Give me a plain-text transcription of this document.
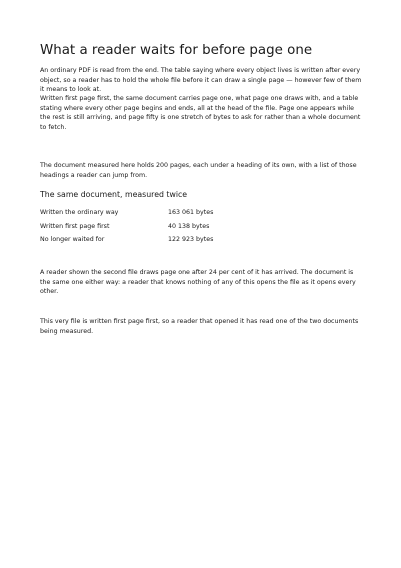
What a reader waits for before page one

An ordinary PDF is read from the end. The table saying where every object lives is written after every object, so a reader has to hold the whole file before it can draw a single page — however few of them it means to look at.

Written first page first, the same document carries page one, what page one draws with, and a table stating where every other page begins and ends, all at the head of the file. Page one appears while the rest is still arriving, and page fifty is one stretch of bytes to ask for rather than a whole document to fetch.

The document measured here holds 200 pages, each under a heading of its own, with a list of those headings a reader can jump from.

The same document, measured twice
Written the ordinary way	163 061 bytes
Written first page first	40 138 bytes
No longer waited for	122 923 bytes

A reader shown the second file draws page one after 24 per cent of it has arrived. The document is the same one either way: a reader that knows nothing of any of this opens the file as it opens every other.

This very file is written first page first, so a reader that opened it has read one of the two documents being measured.
